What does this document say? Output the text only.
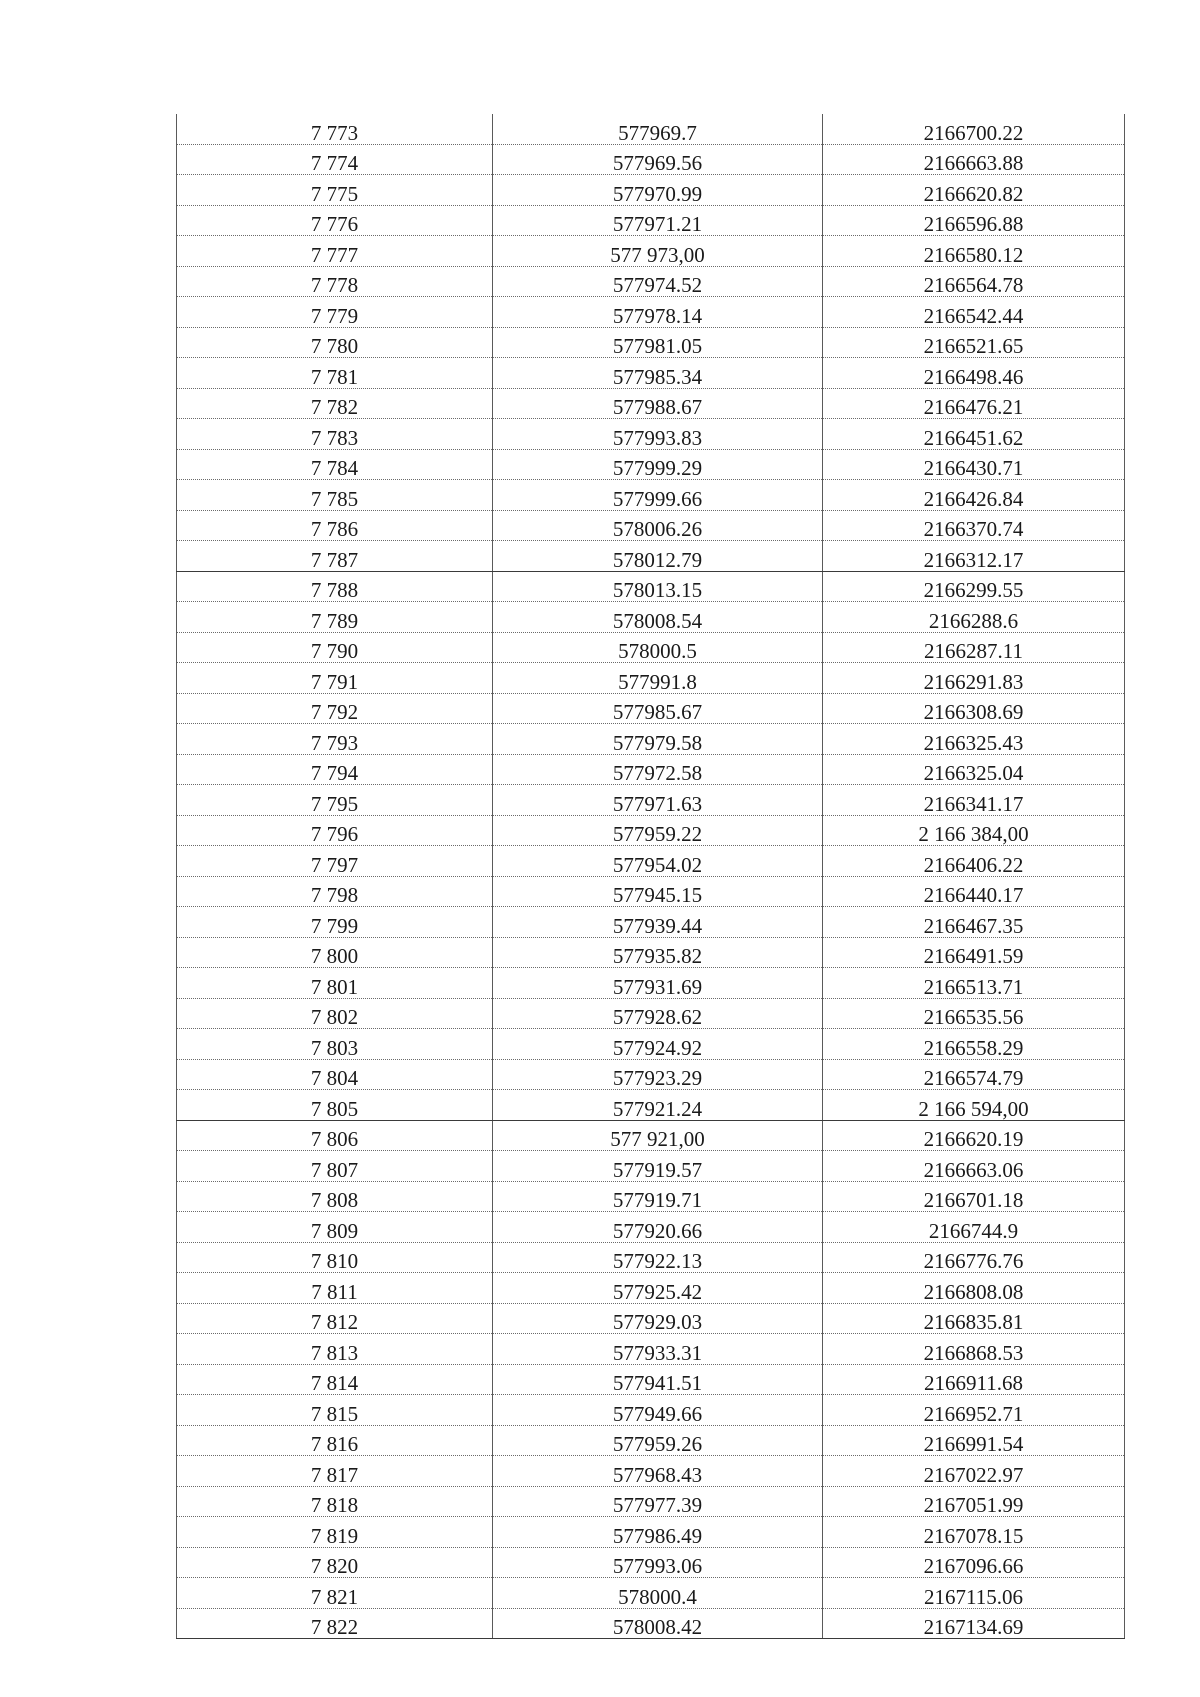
7 773	577969.7	2166700.22
7 774	577969.56	2166663.88
7 775	577970.99	2166620.82
7 776	577971.21	2166596.88
7 777	577 973,00	2166580.12
7 778	577974.52	2166564.78
7 779	577978.14	2166542.44
7 780	577981.05	2166521.65
7 781	577985.34	2166498.46
7 782	577988.67	2166476.21
7 783	577993.83	2166451.62
7 784	577999.29	2166430.71
7 785	577999.66	2166426.84
7 786	578006.26	2166370.74
7 787	578012.79	2166312.17
7 788	578013.15	2166299.55
7 789	578008.54	2166288.6
7 790	578000.5	2166287.11
7 791	577991.8	2166291.83
7 792	577985.67	2166308.69
7 793	577979.58	2166325.43
7 794	577972.58	2166325.04
7 795	577971.63	2166341.17
7 796	577959.22	2 166 384,00
7 797	577954.02	2166406.22
7 798	577945.15	2166440.17
7 799	577939.44	2166467.35
7 800	577935.82	2166491.59
7 801	577931.69	2166513.71
7 802	577928.62	2166535.56
7 803	577924.92	2166558.29
7 804	577923.29	2166574.79
7 805	577921.24	2 166 594,00
7 806	577 921,00	2166620.19
7 807	577919.57	2166663.06
7 808	577919.71	2166701.18
7 809	577920.66	2166744.9
7 810	577922.13	2166776.76
7 811	577925.42	2166808.08
7 812	577929.03	2166835.81
7 813	577933.31	2166868.53
7 814	577941.51	2166911.68
7 815	577949.66	2166952.71
7 816	577959.26	2166991.54
7 817	577968.43	2167022.97
7 818	577977.39	2167051.99
7 819	577986.49	2167078.15
7 820	577993.06	2167096.66
7 821	578000.4	2167115.06
7 822	578008.42	2167134.69
